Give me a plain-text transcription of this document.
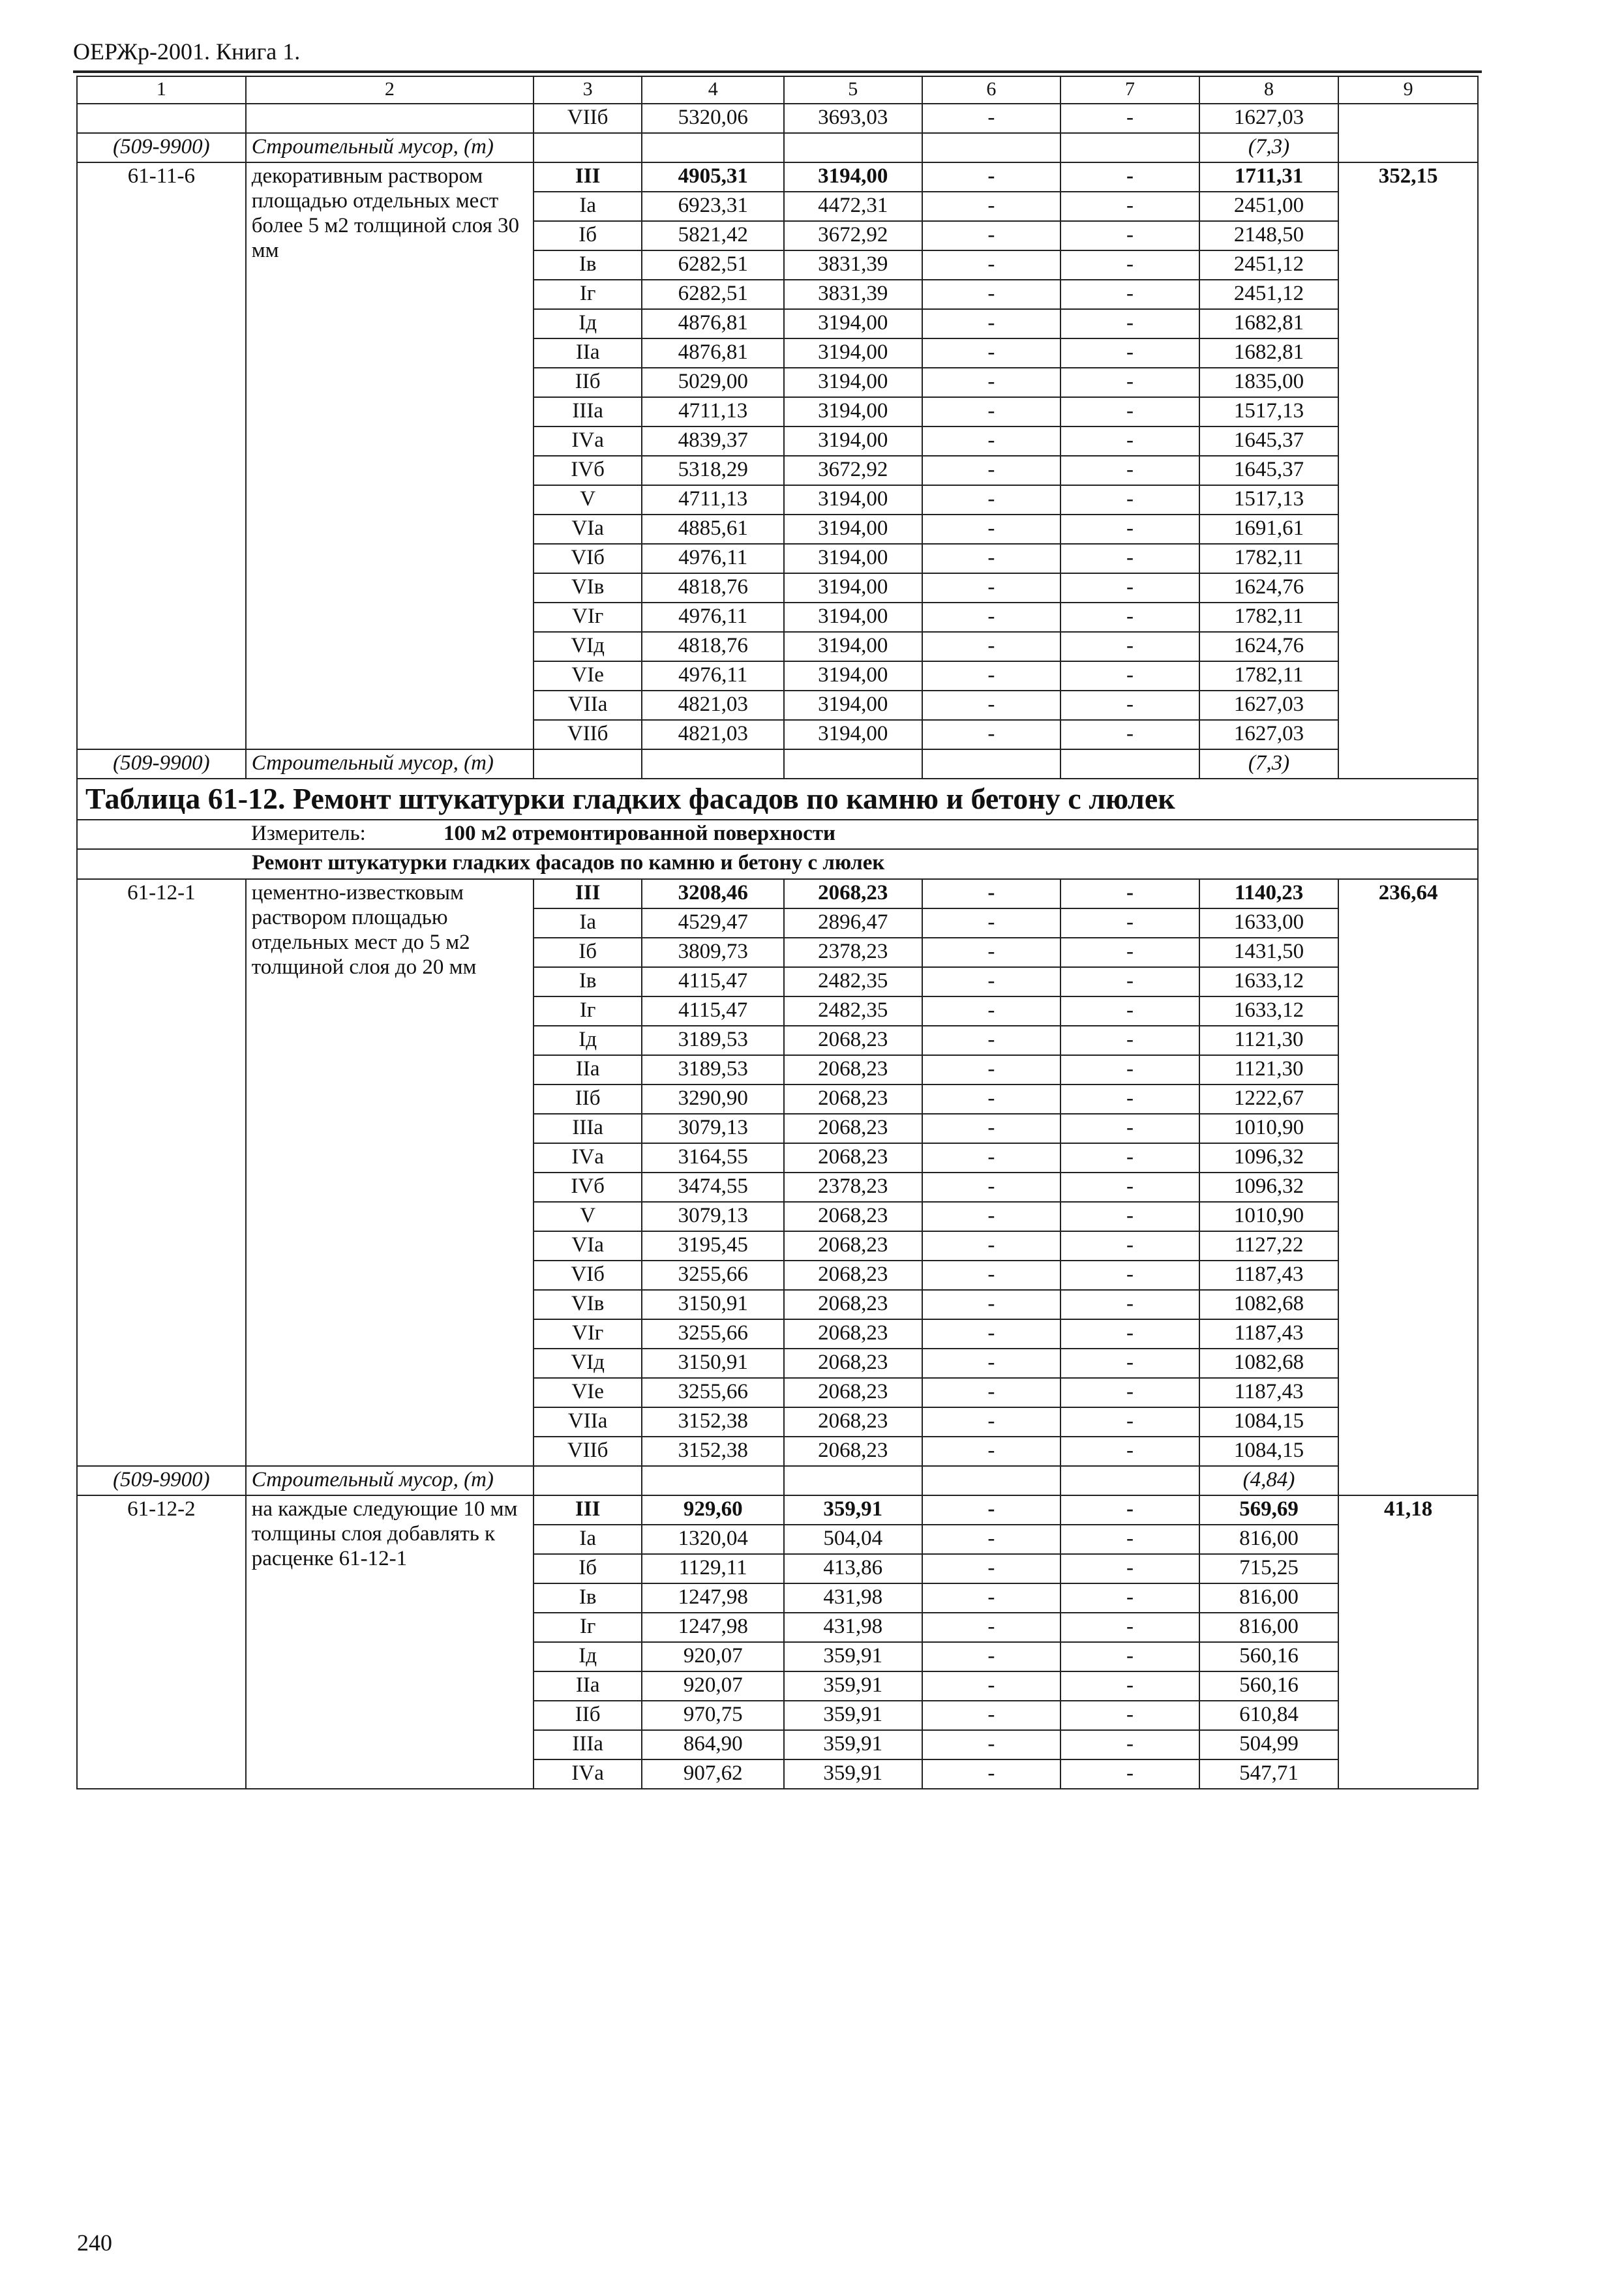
ОЕРЖр-2001. Книга 1.
1	2	3	4	5	6	7	8	9
		VIIб	5320,06	3693,03	-	-	1627,03	
(509-9900)	Строительный мусор, (т)						(7,3)	
61-11-6	декоративным раствором площадью отдельных мест более 5 м2 толщиной слоя 30 мм	III	4905,31	3194,00	-	-	1711,31	352,15
		Iа	6923,31	4472,31	-	-	2451,00	
		Iб	5821,42	3672,92	-	-	2148,50	
		Iв	6282,51	3831,39	-	-	2451,12	
		Iг	6282,51	3831,39	-	-	2451,12	
		Iд	4876,81	3194,00	-	-	1682,81	
		IIа	4876,81	3194,00	-	-	1682,81	
		IIб	5029,00	3194,00	-	-	1835,00	
		IIIа	4711,13	3194,00	-	-	1517,13	
		IVа	4839,37	3194,00	-	-	1645,37	
		IVб	5318,29	3672,92	-	-	1645,37	
		V	4711,13	3194,00	-	-	1517,13	
		VIа	4885,61	3194,00	-	-	1691,61	
		VIб	4976,11	3194,00	-	-	1782,11	
		VIв	4818,76	3194,00	-	-	1624,76	
		VIг	4976,11	3194,00	-	-	1782,11	
		VIд	4818,76	3194,00	-	-	1624,76	
		VIе	4976,11	3194,00	-	-	1782,11	
		VIIа	4821,03	3194,00	-	-	1627,03	
		VIIб	4821,03	3194,00	-	-	1627,03	
(509-9900)	Строительный мусор, (т)						(7,3)	
Таблица 61-12. Ремонт штукатурки гладких фасадов по камню и бетону с люлек								
Измеритель: 100 м2 отремонтированной поверхности								
Ремонт штукатурки гладких фасадов по камню и бетону с люлек								
61-12-1	цементно-известковым раствором площадью отдельных мест до 5 м2 толщиной слоя до 20 мм	III	3208,46	2068,23	-	-	1140,23	236,64
		Iа	4529,47	2896,47	-	-	1633,00	
		Iб	3809,73	2378,23	-	-	1431,50	
		Iв	4115,47	2482,35	-	-	1633,12	
		Iг	4115,47	2482,35	-	-	1633,12	
		Iд	3189,53	2068,23	-	-	1121,30	
		IIа	3189,53	2068,23	-	-	1121,30	
		IIб	3290,90	2068,23	-	-	1222,67	
		IIIа	3079,13	2068,23	-	-	1010,90	
		IVа	3164,55	2068,23	-	-	1096,32	
		IVб	3474,55	2378,23	-	-	1096,32	
		V	3079,13	2068,23	-	-	1010,90	
		VIа	3195,45	2068,23	-	-	1127,22	
		VIб	3255,66	2068,23	-	-	1187,43	
		VIв	3150,91	2068,23	-	-	1082,68	
		VIг	3255,66	2068,23	-	-	1187,43	
		VIд	3150,91	2068,23	-	-	1082,68	
		VIе	3255,66	2068,23	-	-	1187,43	
		VIIа	3152,38	2068,23	-	-	1084,15	
		VIIб	3152,38	2068,23	-	-	1084,15	
(509-9900)	Строительный мусор, (т)						(4,84)	
61-12-2	на каждые следующие 10 мм толщины слоя добавлять к расценке 61-12-1	III	929,60	359,91	-	-	569,69	41,18
		Iа	1320,04	504,04	-	-	816,00	
		Iб	1129,11	413,86	-	-	715,25	
		Iв	1247,98	431,98	-	-	816,00	
		Iг	1247,98	431,98	-	-	816,00	
		Iд	920,07	359,91	-	-	560,16	
		IIа	920,07	359,91	-	-	560,16	
		IIб	970,75	359,91	-	-	610,84	
		IIIа	864,90	359,91	-	-	504,99	
		IVа	907,62	359,91	-	-	547,71	
240
